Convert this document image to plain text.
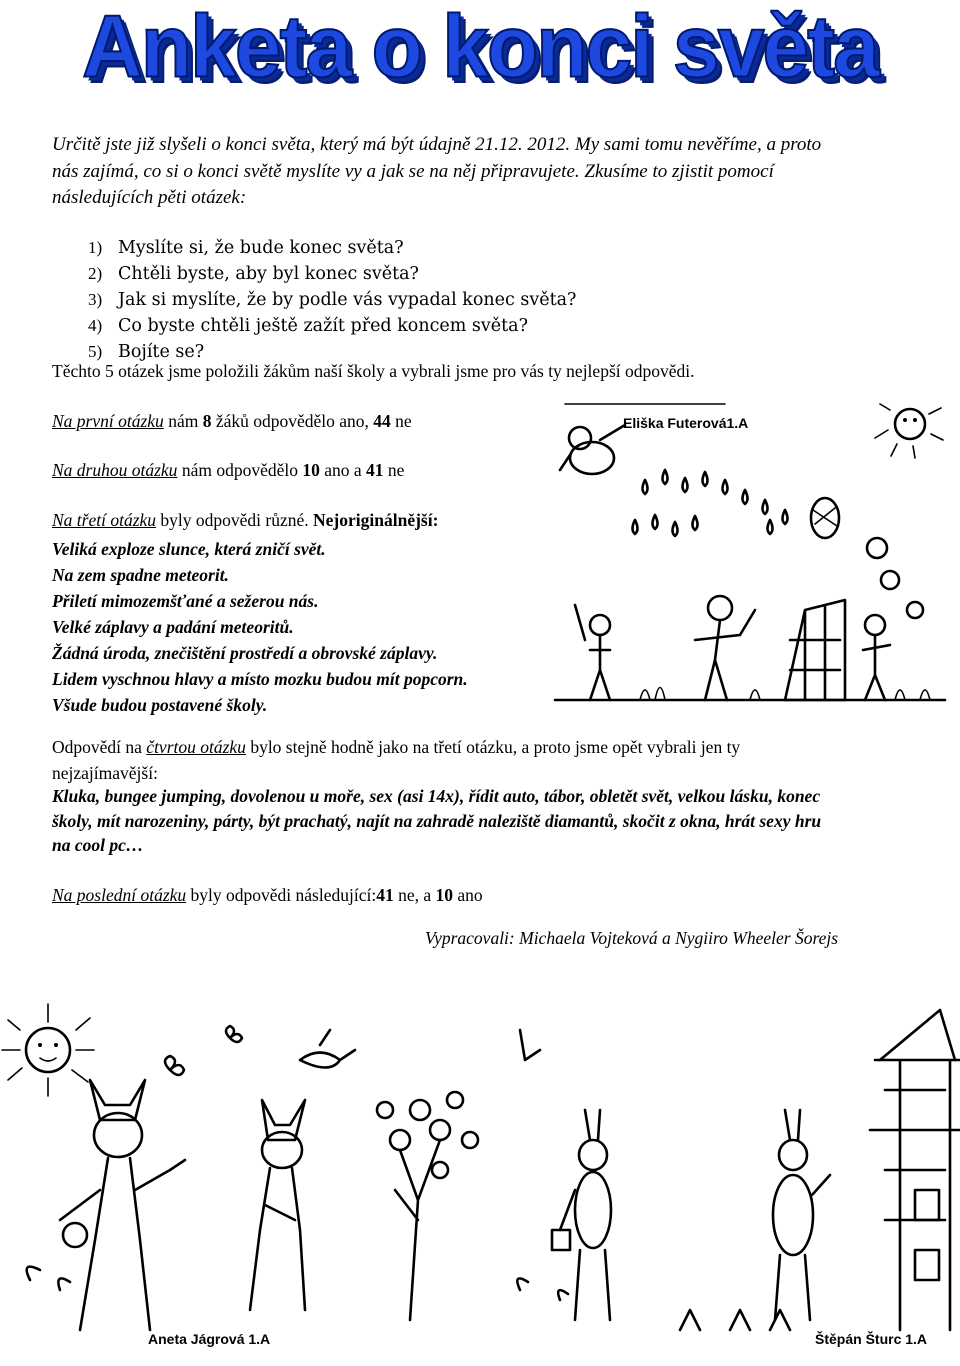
Anketa o konci světa
Určitě jste již slyšeli o konci světa, který má být údajně 21.12. 2012. My sami tomu nevěříme, a proto
nás zajímá, co si o konci světě myslíte vy a jak se na něj připravujete. Zkusíme to zjistit pomocí
následujících pěti otázek:
1) Myslíte si, že bude konec světa?
2) Chtěli byste, aby byl konec světa?
3) Jak si myslíte, že by podle vás vypadal konec světa?
4) Co byste chtěli ještě zažít před koncem světa?
5) Bojíte se?
Těchto 5 otázek jsme položili žákům naší školy a vybrali jsme pro vás ty nejlepší odpovědi.
Na první otázku nám 8 žáků odpovědělo ano, 44 ne
Na druhou otázku nám odpovědělo 10 ano a 41 ne
Na třetí otázku byly odpovědi různé. Nejoriginálnější:
Veliká exploze slunce, která zničí svět.
Na zem spadne meteorit.
Přiletí mimozemšťané a sežerou nás.
Velké záplavy a padání meteoritů.
Žádná úroda, znečištění prostředí a obrovské záplavy.
Lidem vyschnou hlavy a místo mozku budou mít popcorn.
Všude budou postavené školy.
Eliška Futerová1.A
Odpovědí na čtvrtou otázku bylo stejně hodně jako na třetí otázku, a proto jsme opět vybrali jen ty
nejzajímavější:
Kluka, bungee jumping, dovolenou u moře, sex (asi 14x), řídit auto, tábor, obletět svět, velkou lásku, konec
školy, mít narozeniny, párty, být prachatý, najít na zahradě naleziště diamantů, skočit z okna, hrát sexy hru
na cool pc…
Na poslední otázku byly odpovědi následující:41 ne, a 10 ano
Vypracovali: Michaela Vojteková a Nygiiro Wheeler Šorejs
Aneta Jágrová 1.A	Štěpán Šturc 1.A
